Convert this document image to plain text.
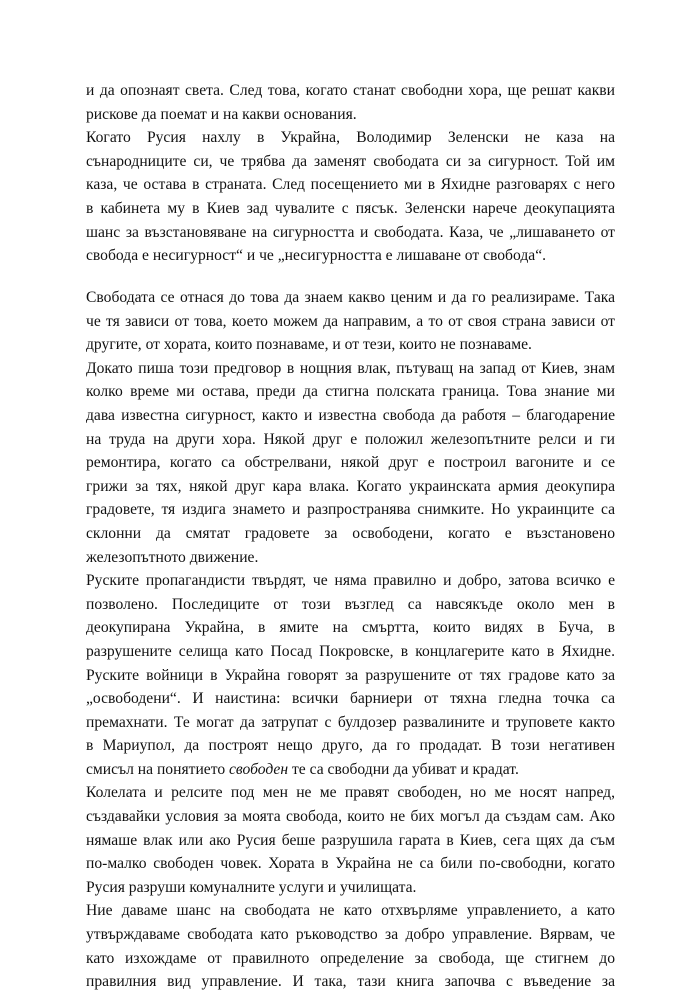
и да опознаят света. След това, когато станат свободни хора, ще решат какви
рискове да поемат и на какви основания.
Когато Русия нахлу в Украйна, Володимир Зеленски не каза на
сънародниците си, че трябва да заменят свободата си за сигурност. Той им
каза, че остава в страната. След посещението ми в Яхидне разговарях с него
в кабинета му в Киев зад чувалите с пясък. Зеленски нарече деокупацията
шанс за възстановяване на сигурността и свободата. Каза, че „лишаването от
свобода е несигурност“ и че „несигурността е лишаване от свобода“.
Свободата се отнася до това да знаем какво ценим и да го реализираме. Така
че тя зависи от това, което можем да направим, а то от своя страна зависи от
другите, от хората, които познаваме, и от тези, които не познаваме.
Докато пиша този предговор в нощния влак, пътуващ на запад от Киев, знам
колко време ми остава, преди да стигна полската граница. Това знание ми
дава известна сигурност, както и известна свобода да работя – благодарение
на труда на други хора. Някой друг е положил железопътните релси и ги
ремонтира, когато са обстрелвани, някой друг е построил вагоните и се
грижи за тях, някой друг кара влака. Когато украинската армия деокупира
градовете, тя издига знамето и разпространява снимките. Но украинците са
склонни да смятат градовете за освободени, когато е възстановено
железопътното движение.
Руските пропагандисти твърдят, че няма правилно и добро, затова всичко е
позволено. Последиците от този възглед са навсякъде около мен в
деокупирана Украйна, в ямите на смъртта, които видях в Буча, в
разрушените селища като Посад Покровске, в концлагерите като в Яхидне.
Руските войници в Украйна говорят за разрушените от тях градове като за
„освободени“. И наистина: всички барниери от тяхна гледна точка са
премахнати. Те могат да затрупат с булдозер развалините и труповете както
в Мариупол, да построят нещо друго, да го продадат. В този негативен
смисъл на понятието свободен те са свободни да убиват и крадат.
Колелата и релсите под мен не ме правят свободен, но ме носят напред,
създавайки условия за моята свобода, които не бих могъл да създам сам. Ако
нямаше влак или ако Русия беше разрушила гарата в Киев, сега щях да съм
по-малко свободен човек. Хората в Украйна не са били по-свободни, когато
Русия разруши комуналните услуги и училищата.
Ние даваме шанс на свободата не като отхвърляме управлението, а като
утвърждаваме свободата като ръководство за добро управление. Вярвам, че
като изхождаме от правилното определение за свобода, ще стигнем до
правилния вид управление. И така, тази книга започва с въведение за
